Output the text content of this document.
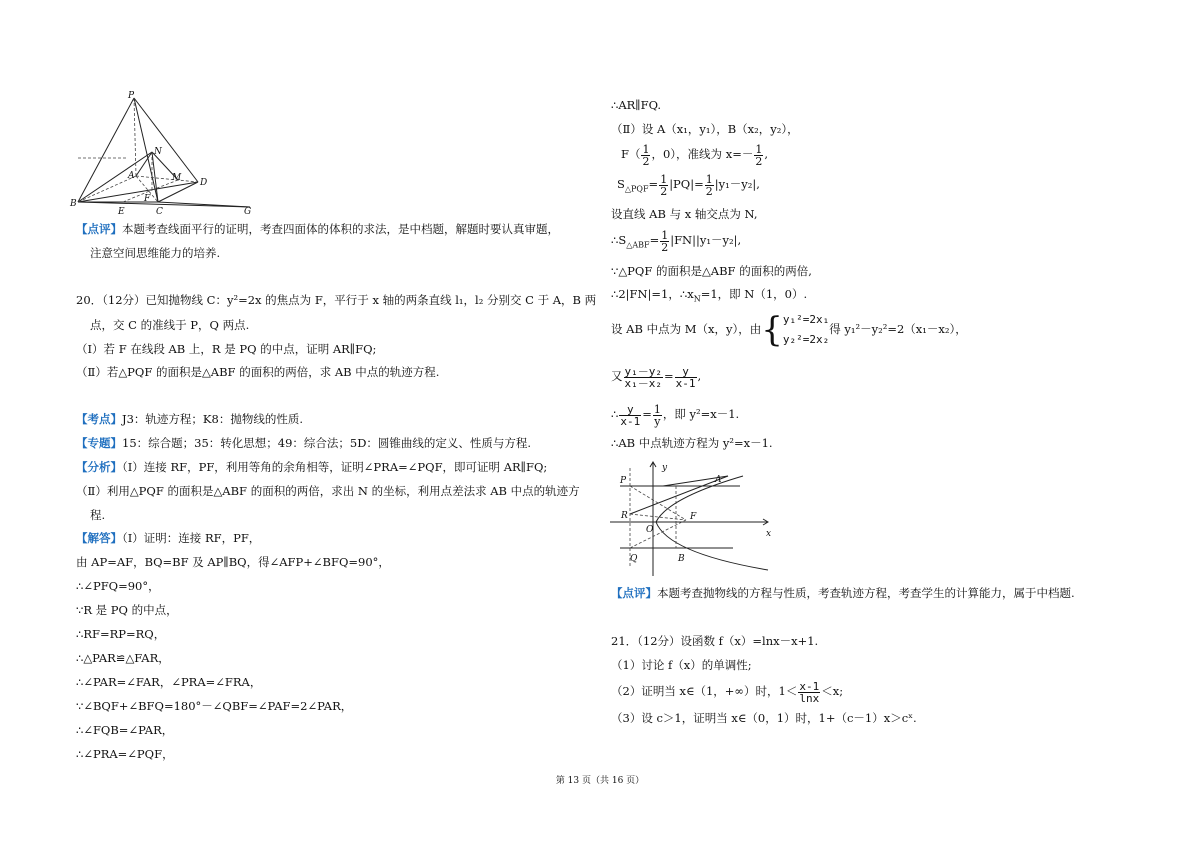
P
N
A	M D
B
E
F
C	G
【点评】本题考查线面平行的证明，考查四面体的体积的求法，是中档题，解题时要认真审题，
注意空间思维能力的培养.
20．（12分）已知抛物线 C：y²=2x 的焦点为 F，平行于 x 轴的两条直线 l₁，l₂ 分别交 C 于 A，B 两
点，交 C 的准线于 P，Q 两点.
（Ⅰ）若 F 在线段 AB 上，R 是 PQ 的中点，证明 AR∥FQ;
（Ⅱ）若△PQF 的面积是△ABF 的面积的两倍，求 AB 中点的轨迹方程.
【考点】J3：轨迹方程；K8：抛物线的性质.
【专题】15：综合题；35：转化思想；49：综合法；5D：圆锥曲线的定义、性质与方程.
【分析】（Ⅰ）连接 RF，PF，利用等角的余角相等，证明∠PRA=∠PQF，即可证明 AR∥FQ;
（Ⅱ）利用△PQF 的面积是△ABF 的面积的两倍，求出 N 的坐标，利用点差法求 AB 中点的轨迹方
程.
【解答】（Ⅰ）证明：连接 RF，PF，
由 AP=AF，BQ=BF 及 AP∥BQ，得∠AFP+∠BFQ=90°，
∴∠PFQ=90°，
∵R 是 PQ 的中点，
∴RF=RP=RQ，
∴△PAR≌△FAR，
∴∠PAR=∠FAR，∠PRA=∠FRA，
∵∠BQF+∠BFQ=180°－∠QBF=∠PAF=2∠PAR，
∴∠FQB=∠PAR，
∴∠PRA=∠PQF，
∴AR∥FQ.
（Ⅱ）设 A（x₁，y₁），B（x₂，y₂），
$F( \frac{1}{2}$ ，0），准线为 $x=- \frac{1}{2}$ ,
$S_{\triangle PQF}= \frac{1}{2} |PQ|= \frac{1}{2} |y_1-y_2|$,
设直线 AB 与 x 轴交点为 N,
$\therefore S_{\triangle ABF}= \frac{1}{2} |FN||y_1-y_2|$,
∵△PQF 的面积是△ABF 的面积的两倍,
∴2|FN|=1，$\therefore x_N=1$，即 N（1，0）.
设 AB 中点为 M（x，y），由{ y₁²=2x₁
y₂²=2x₂
得 y₁²－y₂²=2（x₁－x₂），
又 $\frac{\text{y₁－y₂}}{\text{x₁－x₂}} = \frac{y}{x-1}$ ,
∴ $\frac{y}{x-1} = \frac{1}{y}$ ，即 y²=x－1.
∴AB 中点轨迹方程为 y²=x－1.
y
P	A
R	F
O	x
Q	B
【点评】本题考查抛物线的方程与性质，考查轨迹方程，考查学生的计算能力，属于中档题.
21．（12分）设函数 f（x）=lnx－x+1.
（1）讨论 f（x）的单调性;
（2）证明当 x∈（1，+∞）时，$1< \frac{x-1}{\ln x} <x$;
（3）设 c＞1，证明当 x∈（0，1）时，1+（c－1）x＞cˣ.
第 13 页（共 16 页）
